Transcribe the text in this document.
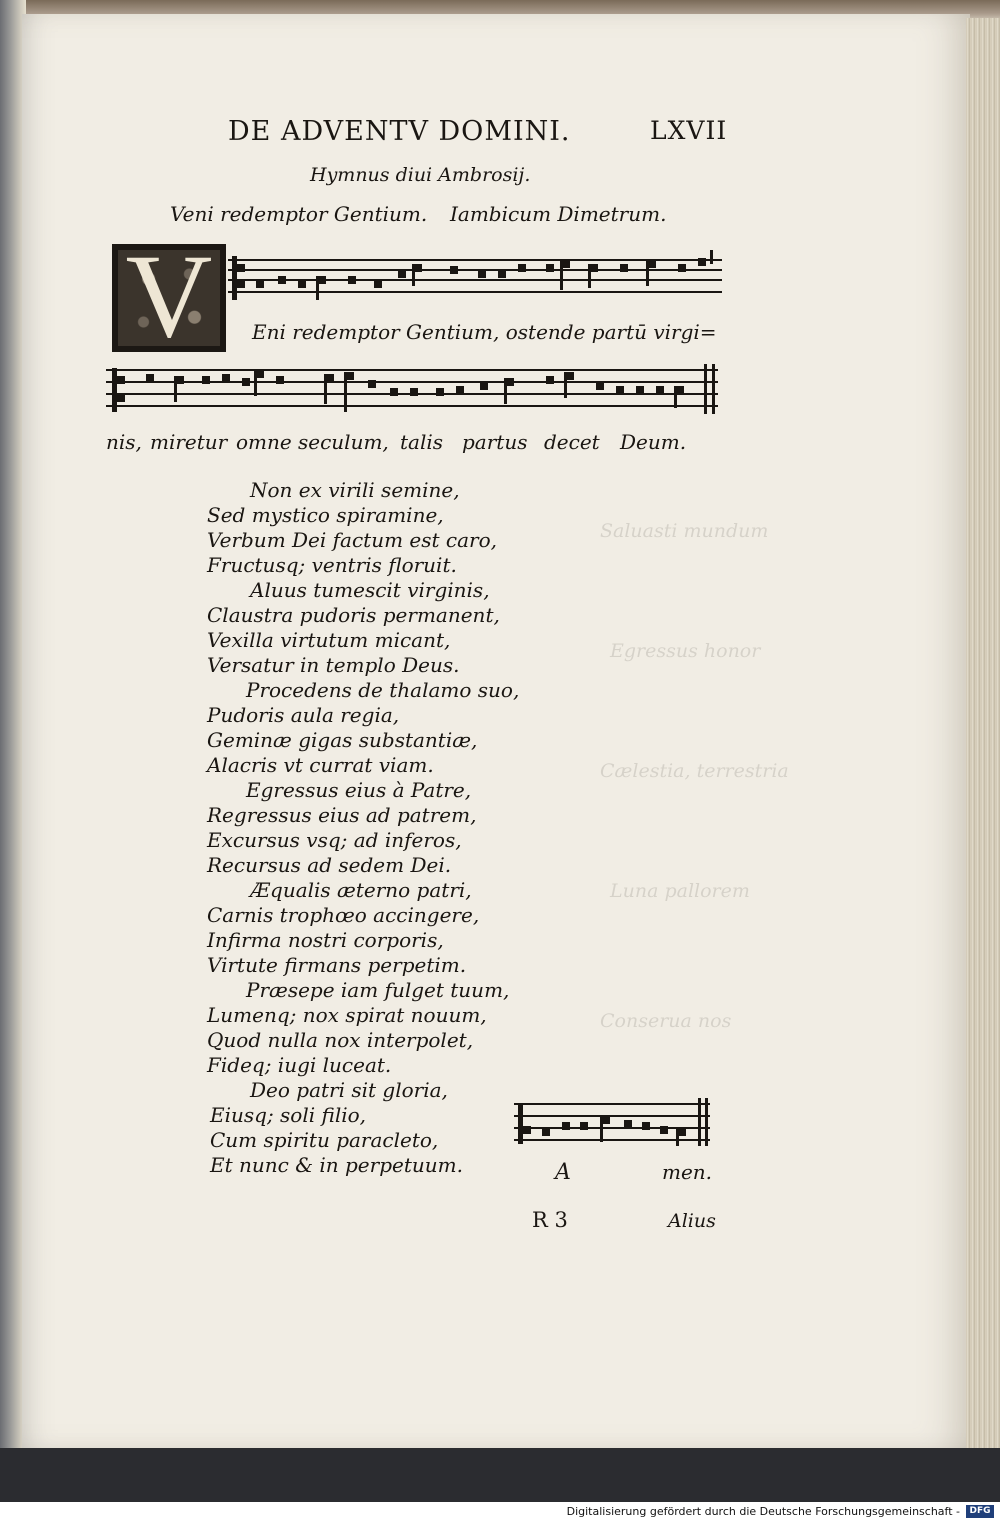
Saluasti mundum
Egressus honor
Cælestia, terrestria
Luna pallorem
Conserua nos
DE ADVENTV DOMINI.	LXVII
Hymnus diui Ambrosij.
Veni redemptor Gentium. Iambicum Dimetrum.
V	Eni redemptor Gentium, ostende partū virgi=
nis, miretur omne seculum, talis partus decet Deum.
Non ex virili semine,
Sed mystico spiramine,
Verbum Dei factum est caro,
Fructusq; ventris floruit.
Aluus tumescit virginis,
Claustra pudoris permanent,
Vexilla virtutum micant,
Versatur in templo Deus.
Procedens de thalamo suo,
Pudoris aula regia,
Geminæ gigas substantiæ,
Alacris vt currat viam.
Egressus eius à Patre,
Regressus eius ad patrem,
Excursus vsq; ad inferos,
Recursus ad sedem Dei.
Æqualis æterno patri,
Carnis trophœo accingere,
Infirma nostri corporis,
Virtute firmans perpetim.
Præsepe iam fulget tuum,
Lumenq; nox spirat nouum,
Quod nulla nox interpolet,
Fideq; iugi luceat.
Deo patri sit gloria,
Eiusq; soli filio,
Cum spiritu paracleto,
Et nunc & in perpetuum.	A	men.
R 3	Alius
Digitalisierung gefördert durch die Deutsche Forschungsgemeinschaft -	DFG
